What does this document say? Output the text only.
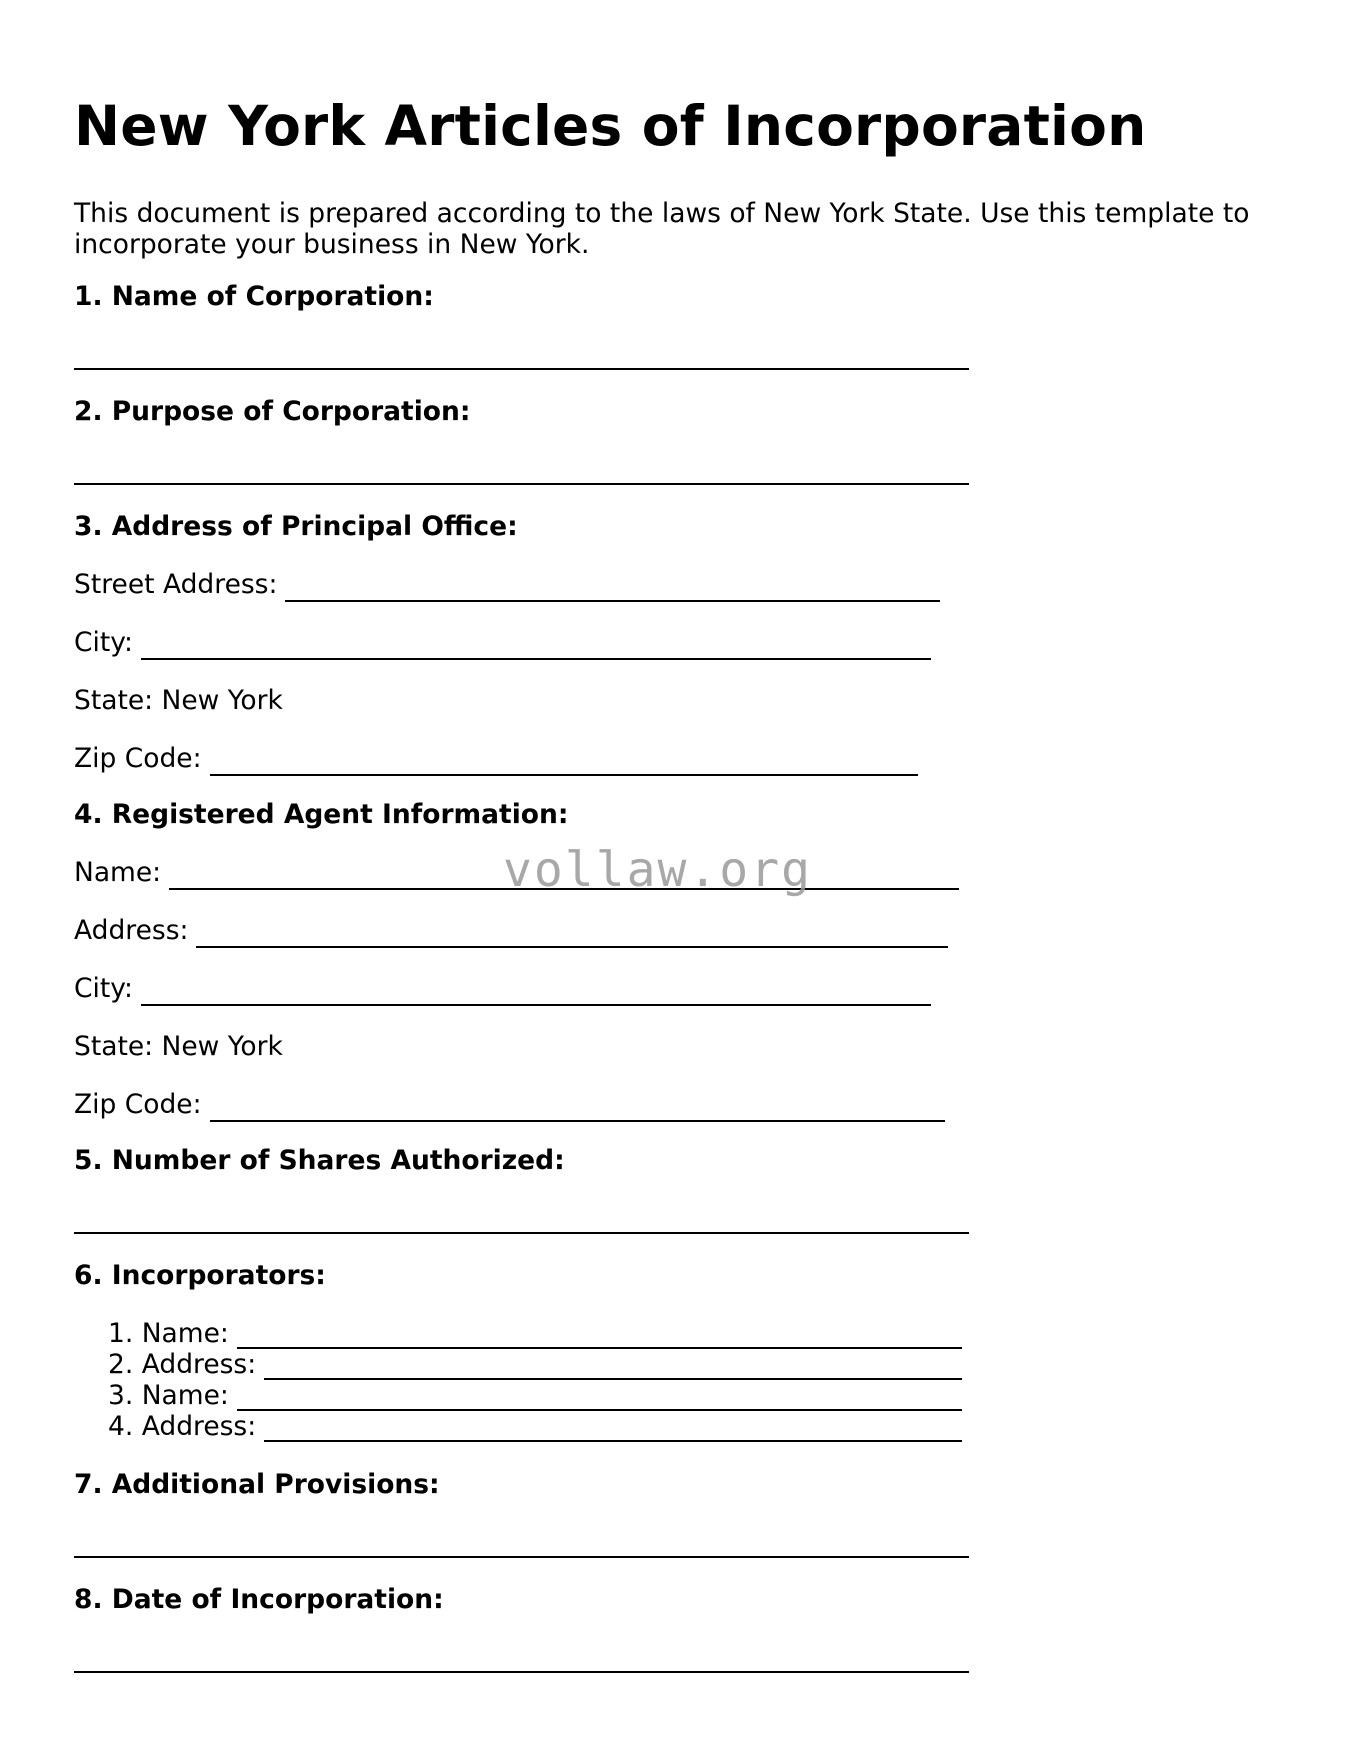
New York Articles of Incorporation
This document is prepared according to the laws of New York State. Use this template to incorporate your business in New York.
1. Name of Corporation:
2. Purpose of Corporation:
3. Address of Principal Office:
Street Address:
City:
State: New York
Zip Code:
4. Registered Agent Information:
Name:
Address:
City:
State: New York
Zip Code:
5. Number of Shares Authorized:
6. Incorporators:
1. Name:
2. Address:
3. Name:
4. Address:
7. Additional Provisions:
8. Date of Incorporation:
vollaw.org
